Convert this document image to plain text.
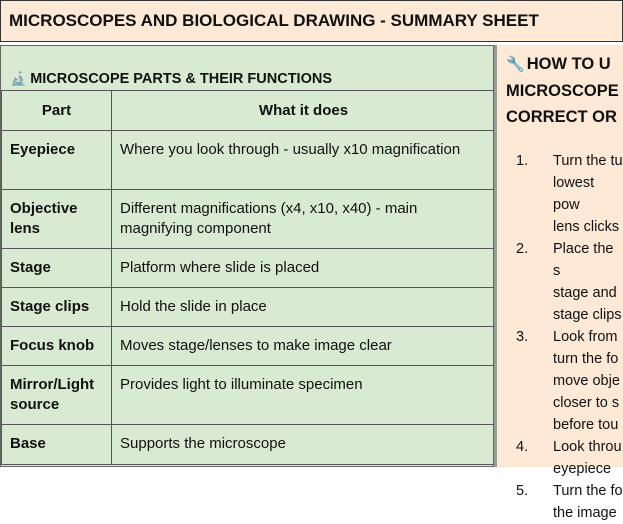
MICROSCOPES AND BIOLOGICAL DRAWING - SUMMARY SHEET
🔬 MICROSCOPE PARTS & THEIR FUNCTIONS
Part	What it does
Eyepiece	Where you look through - usually x10 magnification
Objective lens	Different magnifications (x4, x10, x40) - main magnifying component
Stage	Platform where slide is placed
Stage clips	Hold the slide in place
Focus knob	Moves stage/lenses to make image clear
Mirror/Light source	Provides light to illuminate specimen
Base	Supports the microscope
🔧 HOW TO U
MICROSCOPE
CORRECT OR
1.	Turn the tu
lowest pow
lens clicks
2.	Place the s
stage and
stage clips
3.	Look from
turn the fo
move obje
closer to s
before tou
4.	Look throu
eyepiece
5.	Turn the fo
the image
